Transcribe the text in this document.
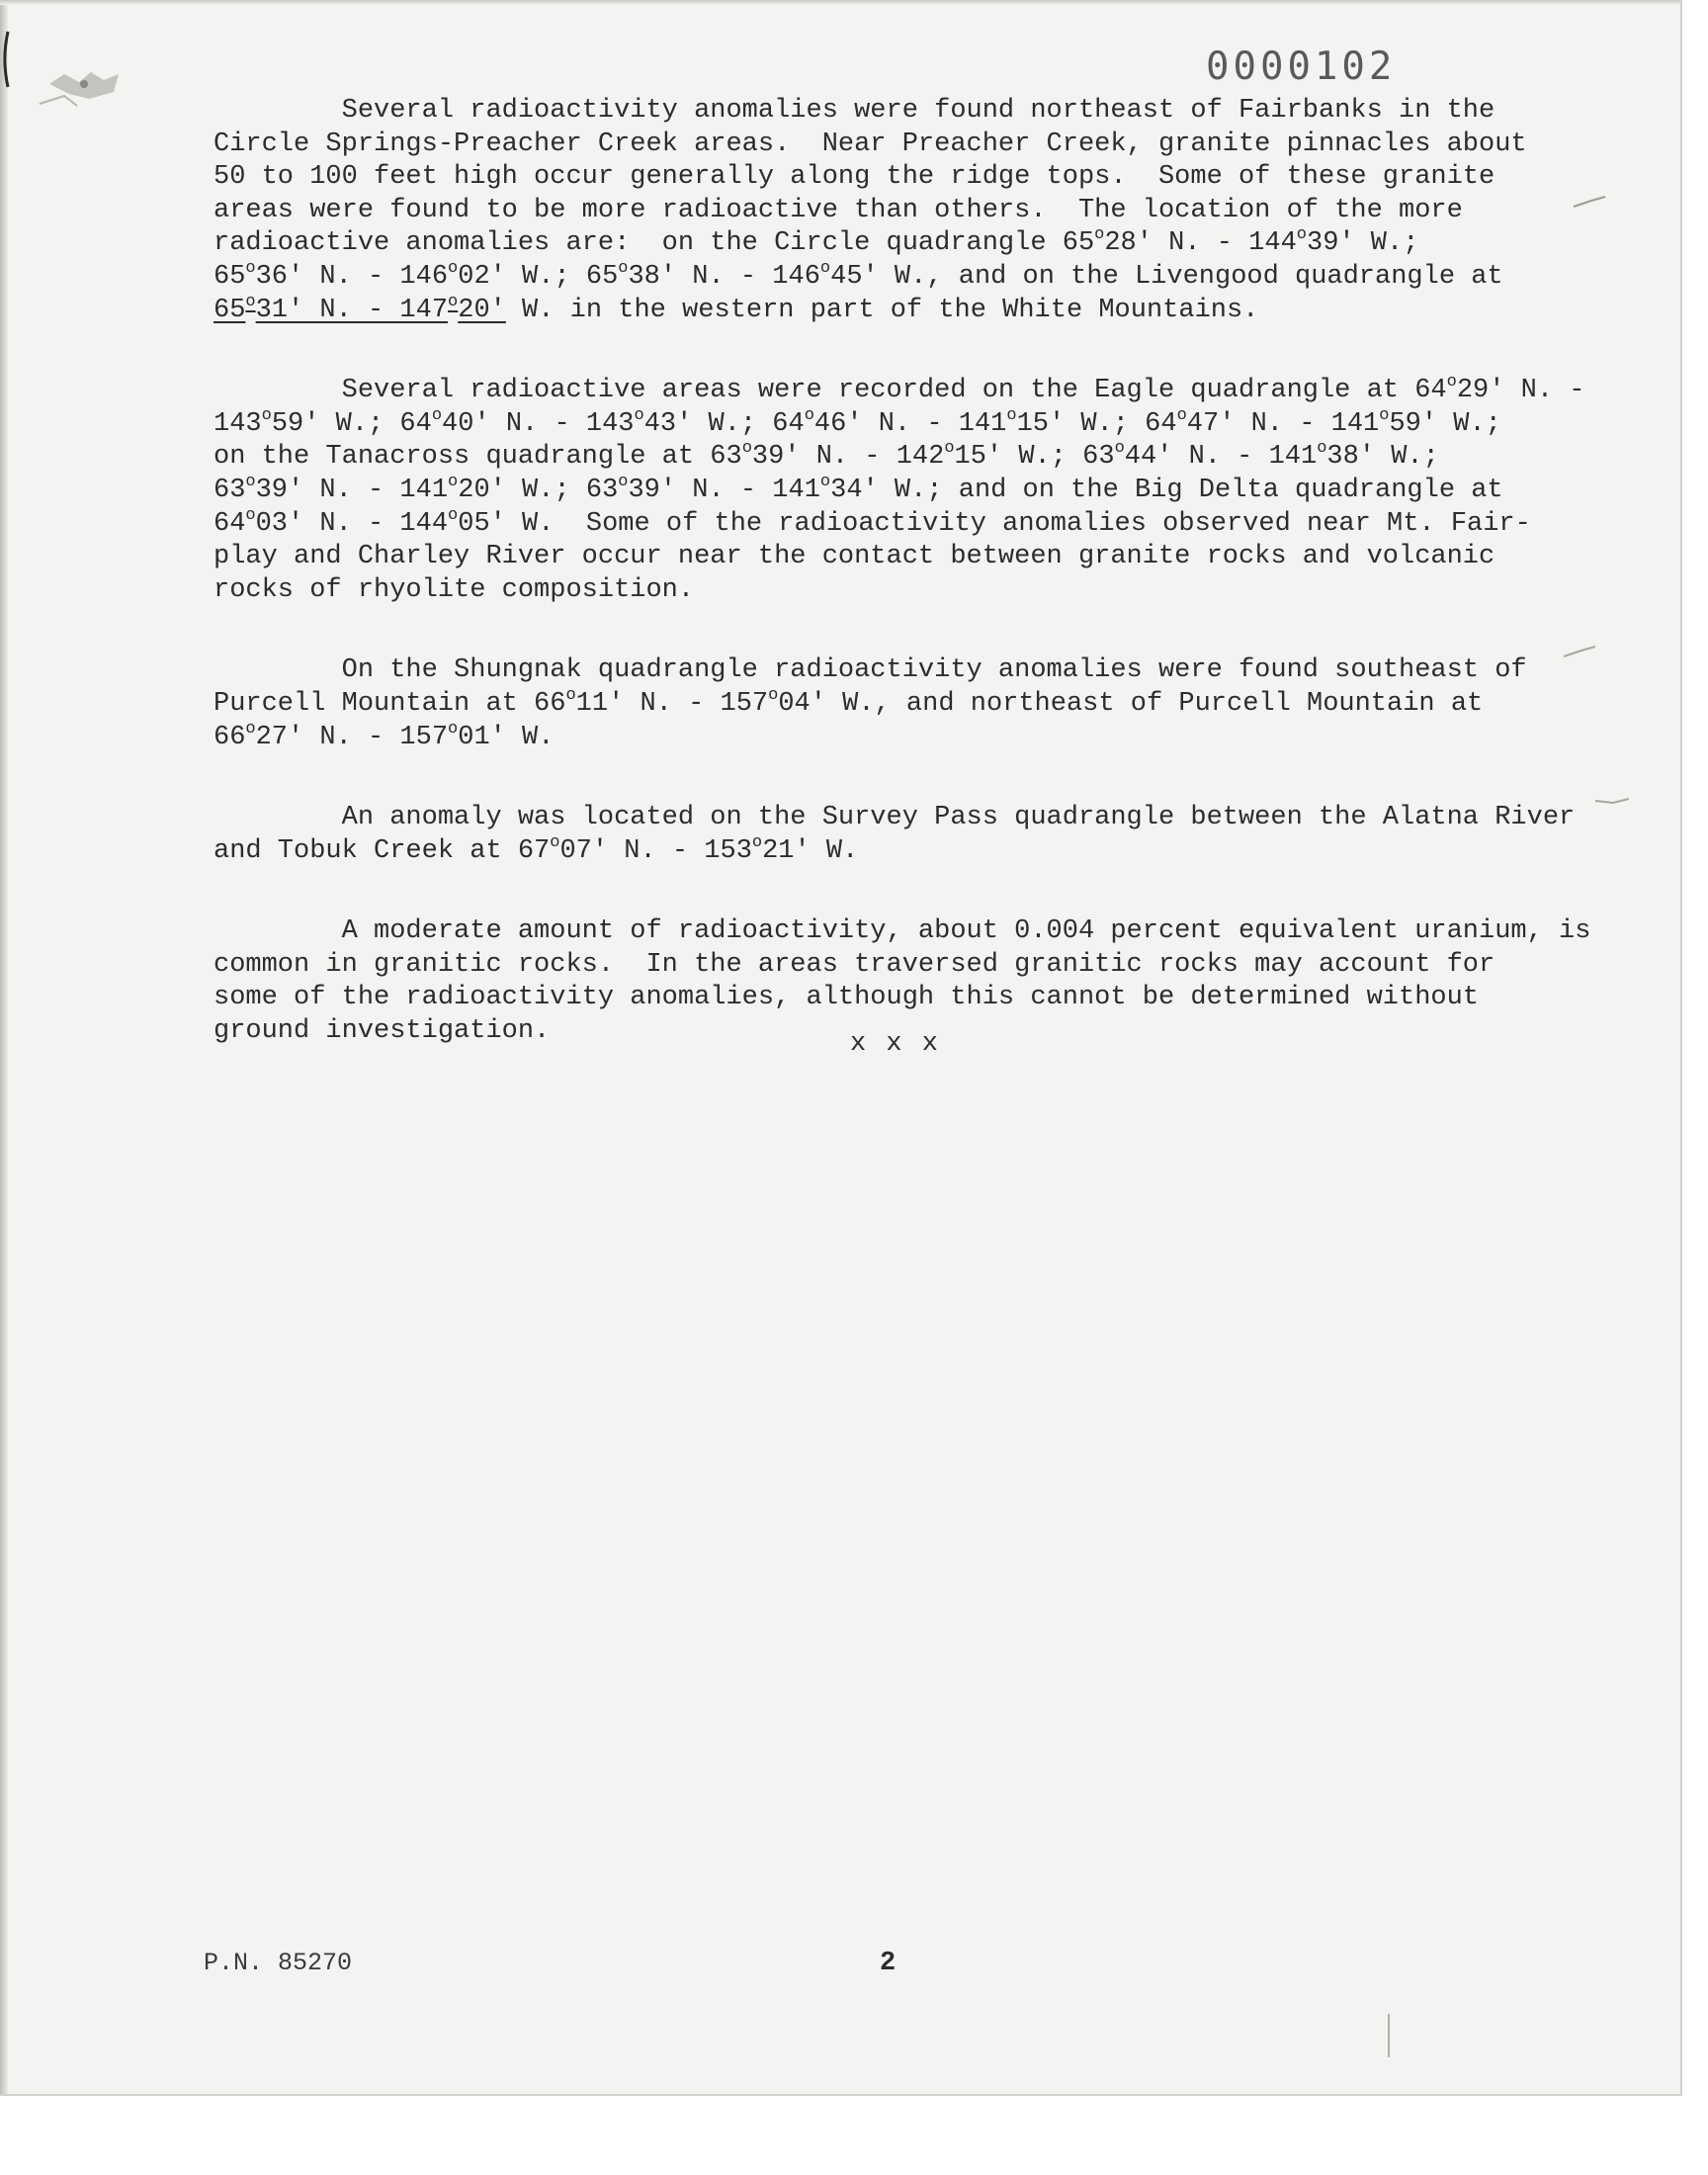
0000102
Several radioactivity anomalies were found northeast of Fairbanks in the
Circle Springs-Preacher Creek areas.  Near Preacher Creek, granite pinnacles about
50 to 100 feet high occur generally along the ridge tops.  Some of these granite
areas were found to be more radioactive than others.  The location of the more
radioactive anomalies are:  on the Circle quadrangle 65$^o$28' N. - 144$^o$39' W.;
65$^o$36' N. - 146$^o$02' W.; 65$^o$38' N. - 146$^o$45' W., and on the Livengood quadrangle at
65$^o$31' N. - 147$^o$20' W. in the western part of the White Mountains.
Several radioactive areas were recorded on the Eagle quadrangle at 64$^o$29' N. -
143$^o$59' W.; 64$^o$40' N. - 143$^o$43' W.; 64$^o$46' N. - 141$^o$15' W.; 64$^o$47' N. - 141$^o$59' W.;
on the Tanacross quadrangle at 63$^o$39' N. - 142$^o$15' W.; 63$^o$44' N. - 141$^o$38' W.;
63$^o$39' N. - 141$^o$20' W.; 63$^o$39' N. - 141$^o$34' W.; and on the Big Delta quadrangle at
64$^o$03' N. - 144$^o$05' W.  Some of the radioactivity anomalies observed near Mt. Fair-
play and Charley River occur near the contact between granite rocks and volcanic
rocks of rhyolite composition.
On the Shungnak quadrangle radioactivity anomalies were found southeast of
Purcell Mountain at 66$^o$11' N. - 157$^o$04' W., and northeast of Purcell Mountain at
66$^o$27' N. - 157$^o$01' W.
An anomaly was located on the Survey Pass quadrangle between the Alatna River
and Tobuk Creek at 67$^o$07' N. - 153$^o$21' W.
A moderate amount of radioactivity, about 0.004 percent equivalent uranium, is
common in granitic rocks.  In the areas traversed granitic rocks may account for
some of the radioactivity anomalies, although this cannot be determined without
ground investigation.	x x x
P.N. 85270	2
